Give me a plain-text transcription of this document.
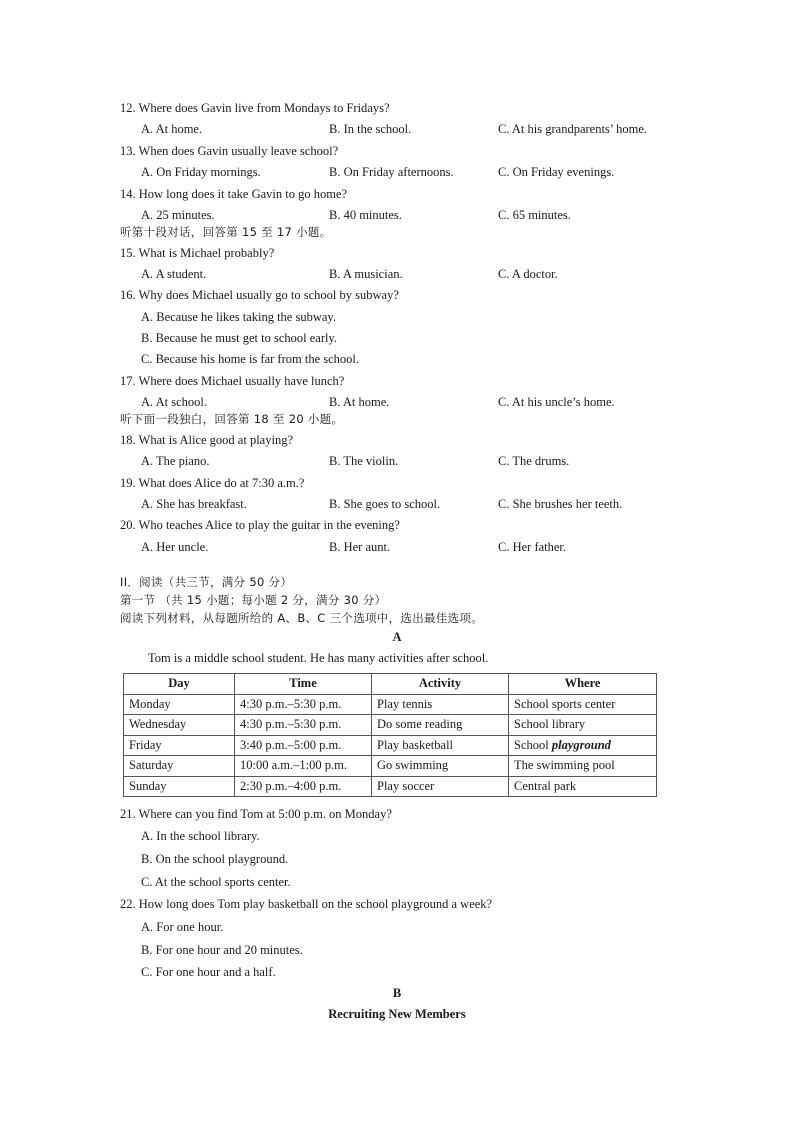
12. Where does Gavin live from Mondays to Fridays?
A. At home.	B. In the school.	C. At his grandparents’ home.
13. When does Gavin usually leave school?
A. On Friday mornings.	B. On Friday afternoons.	C. On Friday evenings.
14. How long does it take Gavin to go home?
A. 25 minutes.	B. 40 minutes.	C. 65 minutes.
听第十段对话，回答第 15 至 17 小题。
15. What is Michael probably?
A. A student.	B. A musician.	C. A doctor.
16. Why does Michael usually go to school by subway?
A. Because he likes taking the subway.
B. Because he must get to school early.
C. Because his home is far from the school.
17. Where does Michael usually have lunch?
A. At school.	B. At home.	C. At his uncle’s home.
听下面一段独白，回答第 18 至 20 小题。
18. What is Alice good at playing?
A. The piano.	B. The violin.	C. The drums.
19. What does Alice do at 7:30 a.m.?
A. She has breakfast.	B. She goes to school.	C. She brushes her teeth.
20. Who teaches Alice to play the guitar in the evening?
A. Her uncle.	B. Her aunt.	C. Her father.
II．阅读（共三节，满分 50 分）
第一节 （共 15 小题；每小题 2 分，满分 30 分）
阅读下列材料，从每题所给的 A、B、C 三个选项中，选出最佳选项。
A
Tom is a middle school student. He has many activities after school.
Day	Time	Activity	Where
Monday	4:30 p.m.–5:30 p.m.	Play tennis	School sports center
Wednesday	4:30 p.m.–5:30 p.m.	Do some reading	School library
Friday	3:40 p.m.–5:00 p.m.	Play basketball	School playground
Saturday	10:00 a.m.–1:00 p.m.	Go swimming	The swimming pool
Sunday	2:30 p.m.–4:00 p.m.	Play soccer	Central park
21. Where can you find Tom at 5:00 p.m. on Monday?
A. In the school library.
B. On the school playground.
C. At the school sports center.
22. How long does Tom play basketball on the school playground a week?
A. For one hour.
B. For one hour and 20 minutes.
C. For one hour and a half.
B
Recruiting New Members
